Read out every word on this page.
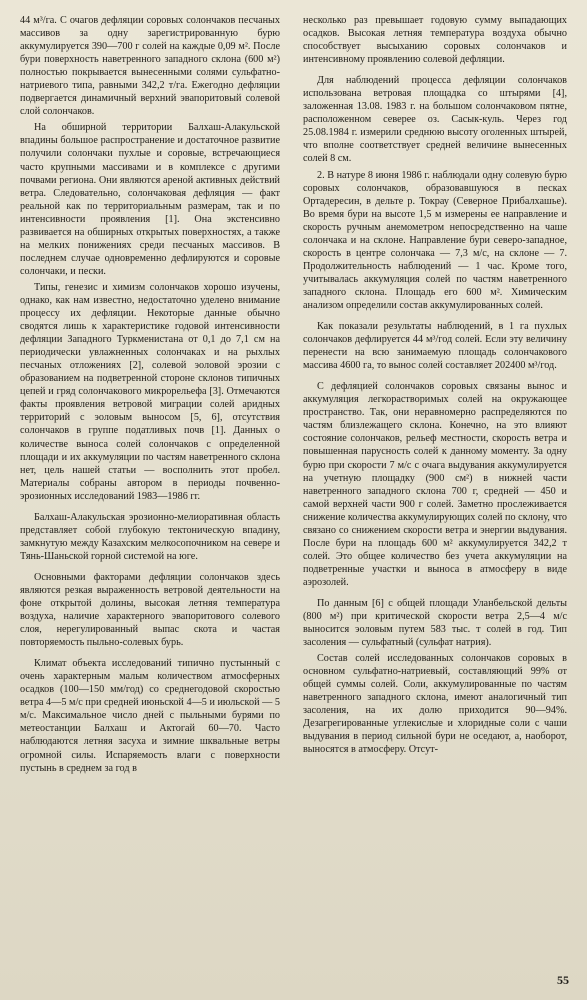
44 м³/га. С очагов дефляции соровых солончаков песчаных массивов за одну зарегистрированную бурю аккумулируется 390—700 г солей на каждые 0,09 м². После бури поверхность наветренного западного склона (600 м²) полностью покрывается вынесенными солями сульфатно-натриевого типа, равными 342,2 т/га. Ежегодно дефляции подвергается динамичный верхний эвапоритовый солевой слой солончаков.

На обширной территории Балхаш-Алакульской впадины большое распространение и достаточное развитие получили солончаки пухлые и соровые, встречающиеся часто крупными массивами и в комплексе с другими почвами региона. Они являются ареной активных действий ветра. Следовательно, солончаковая дефляция — факт реальной как по территориальным размерам, так и по интенсивности проявления [1]. Она экстенсивно развивается на обширных открытых поверхностях, а также на мелких понижениях среди песчаных массивов. В последнем случае одновременно дефлируются и соровые солончаки, и пески.

Типы, генезис и химизм солончаков хорошо изучены, однако, как нам известно, недостаточно уделено внимание процессу их дефляции. Некоторые данные обычно сводятся лишь к характеристике годовой интенсивности дефляции Западного Туркменистана от 0,1 до 7,1 см на периодически увлажненных солончаках и на рыхлых песчаных отложениях [2], солевой эоловой эрозии с образованием на подветренной стороне склонов типичных цепей и гряд солончакового микрорельефа [3]. Отмечаются факты проявления ветровой миграции солей аридных территорий с эоловым выносом [5, 6], отсутствия солончаков в группе податливых почв [1]. Данных о количестве выноса солей солончаков с определенной площади и их аккумуляции по частям наветренного склона нет, цель нашей статьи — восполнить этот пробел. Материалы собраны автором в периоды почвенно-эрозионных исследований 1983—1986 гг.

Балхаш-Алакульская эрозионно-мелиоративная область представляет собой глубокую тектоническую впадину, замкнутую между Казахским мелкосопочником на севере и Тянь-Шаньской горной системой на юге.

Основными факторами дефляции солончаков здесь являются резкая выраженность ветровой деятельности на фоне открытой долины, высокая летняя температура воздуха, наличие характерного эвапоритового солевого слоя, нерегулированный выпас скота и частая повторяемость пыльно-солевых бурь.

Климат объекта исследований типично пустынный с очень характерным малым количеством атмосферных осадков (100—150 мм/год) со среднегодовой скоростью ветра 4—5 м/с при средней июньской 4—5 и июльской — 5 м/с. Максимальное число дней с пыльными бурями по метеостанции Балхаш и Актогай 60—70. Часто наблюдаются летняя засуха и зимние шквальные ветры огромной силы. Испаряемость влаги с поверхности пустынь в среднем за год в

несколько раз превышает годовую сумму выпадающих осадков. Высокая летняя температура воздуха обычно способствует высыханию соровых солончаков и интенсивному проявлению солевой дефляции.

Для наблюдений процесса дефляции солончаков использована ветровая площадка со штырями [4], заложенная 13.08. 1983 г. на большом солончаковом пятне, расположенном северее оз. Сасык-куль. Через год 25.08.1984 г. измерили среднюю высоту оголенных штырей, что вполне соответствует средней величине вынесенных солей 8 см.

2. В натуре 8 июня 1986 г. наблюдали одну солевую бурю соровых солончаков, образовавшуюся в песках Ортадересин, в дельте р. Токрау (Северное Прибалхашье). Во время бури на высоте 1,5 м измерены ее направление и скорость ручным анемометром непосредственно на чаше солончака и на склоне. Направление бури северо-западное, скорость в центре солончака — 7,3 м/с, на склоне — 7. Продолжительность наблюдений — 1 час. Кроме того, учитывалась аккумуляция солей по частям наветренного западного склона. Площадь его 600 м². Химическим анализом определили состав аккумулированных солей.

Как показали результаты наблюдений, в 1 га пухлых солончаков дефлируется 44 м³/год солей. Если эту величину перенести на всю занимаемую площадь солончакового массива 4600 га, то вынос солей составляет 202400 м³/год.

С дефляцией солончаков соровых связаны вынос и аккумуляция легкорастворимых солей на окружающее пространство. Так, они неравномерно распределяются по частям близлежащего склона. Конечно, на это влияют состояние солончаков, рельеф местности, скорость ветра и повышенная парусность солей к данному моменту. За одну бурю при скорости 7 м/с с очага выдувания аккумулируется на учетную площадку (900 см²) в нижней части наветренного западного склона 700 г, средней — 450 и самой верхней части 900 г солей. Заметно прослеживается снижение количества аккумулирующих солей по склону, что связано со снижением скорости ветра и энергии выдувания. После бури на площадь 600 м² аккумулируется 342,2 т солей. Это общее количество без учета аккумуляции на подветренные участки и выноса в атмосферу в виде аэрозолей.

По данным [6] с общей площади Уланбельской дельты (800 м²) при критической скорости ветра 2,5—4 м/с выносится эоловым путем 583 тыс. т солей в год. Тип засоления — сульфатный (сульфат натрия).

Состав солей исследованных солончаков соровых в основном сульфатно-натриевый, составляющий 99% от общей суммы солей. Соли, аккумулированные по частям наветренного западного склона, имеют аналогичный тип засоления, на их долю приходится 90—94%. Дезагрегированные углекислые и хлоридные соли с чаши выдувания в период сильной бури не оседают, а, наоборот, выносятся в атмосферу. Отсут-

55
